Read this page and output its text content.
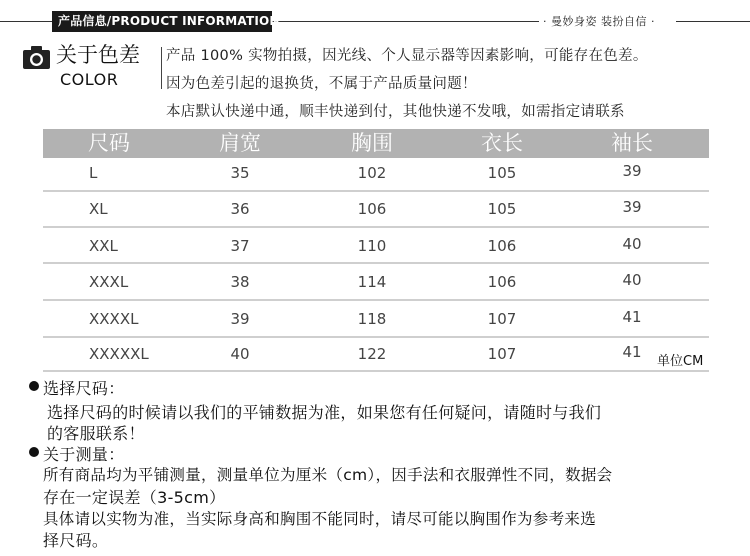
产品信息/PRODUCT INFORMATION	· 曼妙身姿 装扮自信 ·
关于色差
COLOR
产品 100% 实物拍摄，因光线、个人显示器等因素影响，可能存在色差。
因为色差引起的退换货，不属于产品质量问题！
本店默认快递中通，顺丰快递到付，其他快递不发哦，如需指定请联系
尺码	肩宽	胸围	衣长	袖长
L	35	102	105	39
XL	36	106	105	39
XXL	37	110	106	40
XXXL	38	114	106	40
XXXXL	39	118	107	41
XXXXXL	40	122	107	41
单位CM
选择尺码：
选择尺码的时候请以我们的平铺数据为准，如果您有任何疑问，请随时与我们
的客服联系！
关于测量：
所有商品均为平铺测量，测量单位为厘米（cm），因手法和衣服弹性不同，数据会
存在一定误差（3-5cm）
具体请以实物为准，当实际身高和胸围不能同时，请尽可能以胸围作为参考来选
择尺码。
